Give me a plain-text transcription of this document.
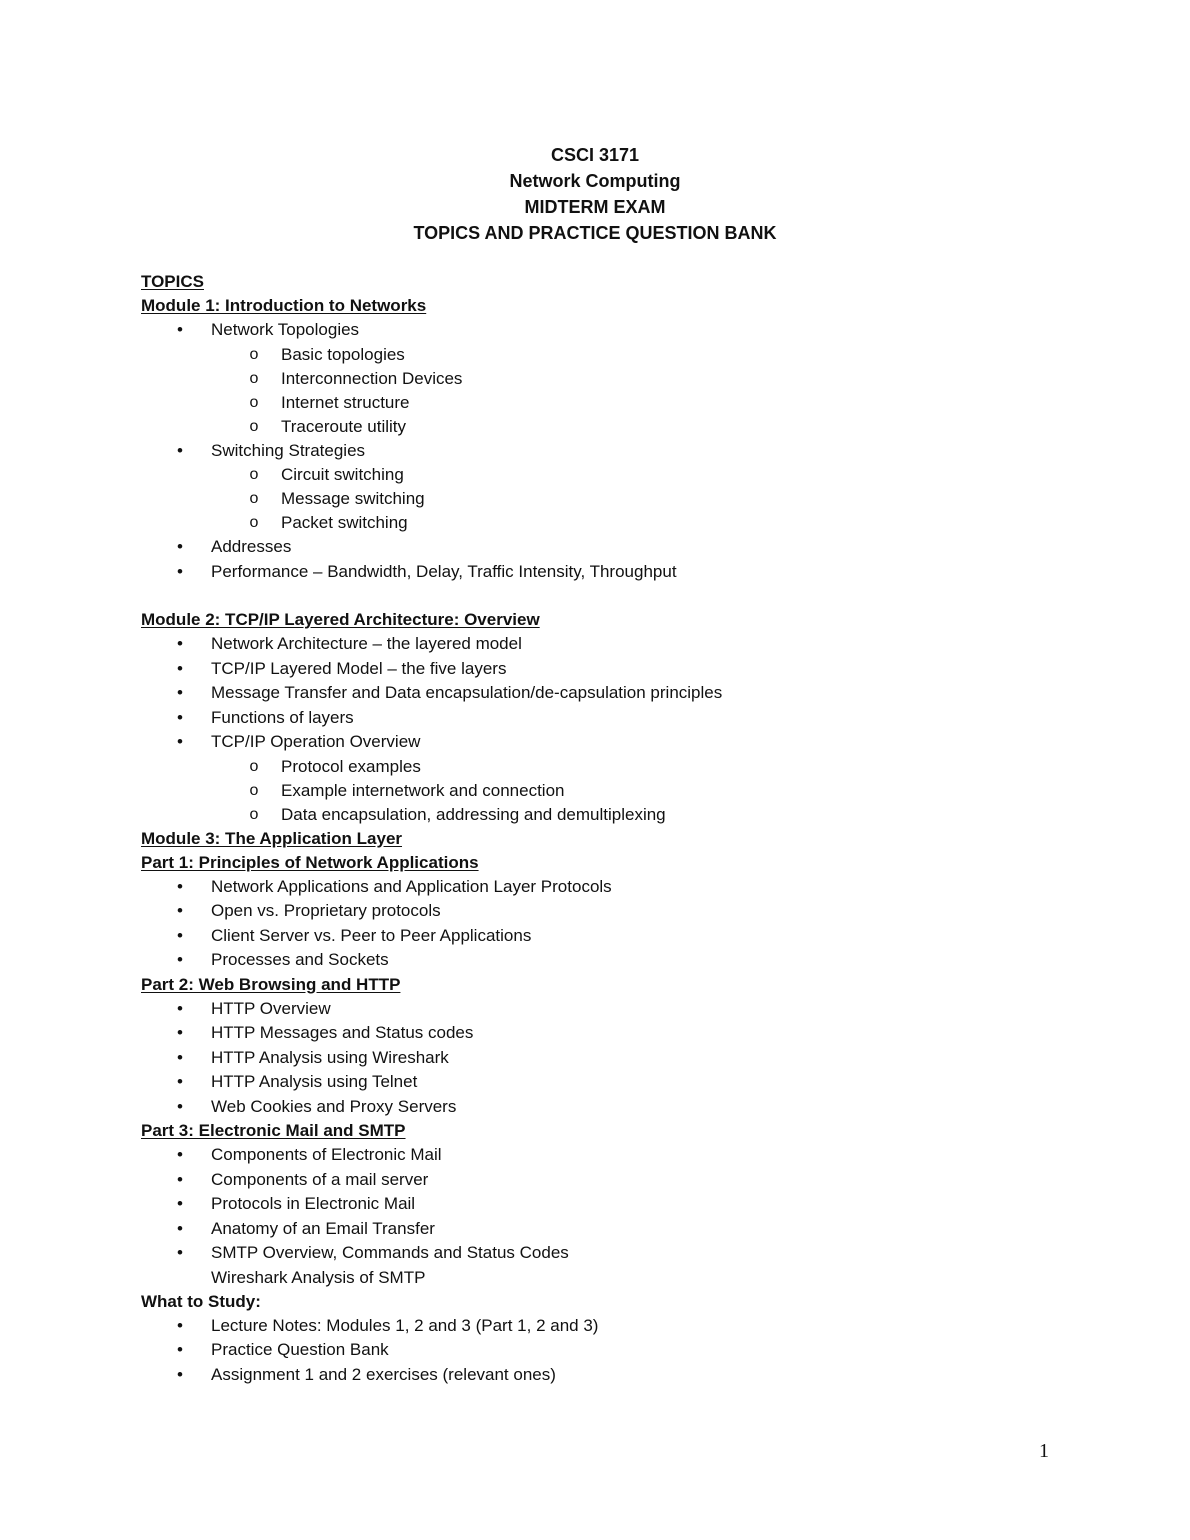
CSCI 3171
Network Computing
MIDTERM EXAM
TOPICS AND PRACTICE QUESTION BANK
TOPICS
Module 1: Introduction to Networks
• Network Topologies
o Basic topologies
o Interconnection Devices
o Internet structure
o Traceroute utility
• Switching Strategies
o Circuit switching
o Message switching
o Packet switching
• Addresses
• Performance – Bandwidth, Delay, Traffic Intensity, Throughput
Module 2: TCP/IP Layered Architecture: Overview
• Network Architecture – the layered model
• TCP/IP Layered Model – the five layers
• Message Transfer and Data encapsulation/de-capsulation principles
• Functions of layers
• TCP/IP Operation Overview
o Protocol examples
o Example internetwork and connection
o Data encapsulation, addressing and demultiplexing
Module 3: The Application Layer
Part 1: Principles of Network Applications
• Network Applications and Application Layer Protocols
• Open vs. Proprietary protocols
• Client Server vs. Peer to Peer Applications
• Processes and Sockets
Part 2: Web Browsing and HTTP
• HTTP Overview
• HTTP Messages and Status codes
• HTTP Analysis using Wireshark
• HTTP Analysis using Telnet
• Web Cookies and Proxy Servers
Part 3: Electronic Mail and SMTP
• Components of Electronic Mail
• Components of a mail server
• Protocols in Electronic Mail
• Anatomy of an Email Transfer
• SMTP Overview, Commands and Status Codes
Wireshark Analysis of SMTP
What to Study:
• Lecture Notes: Modules 1, 2 and 3 (Part 1, 2 and 3)
• Practice Question Bank
• Assignment 1 and 2 exercises (relevant ones)
1
